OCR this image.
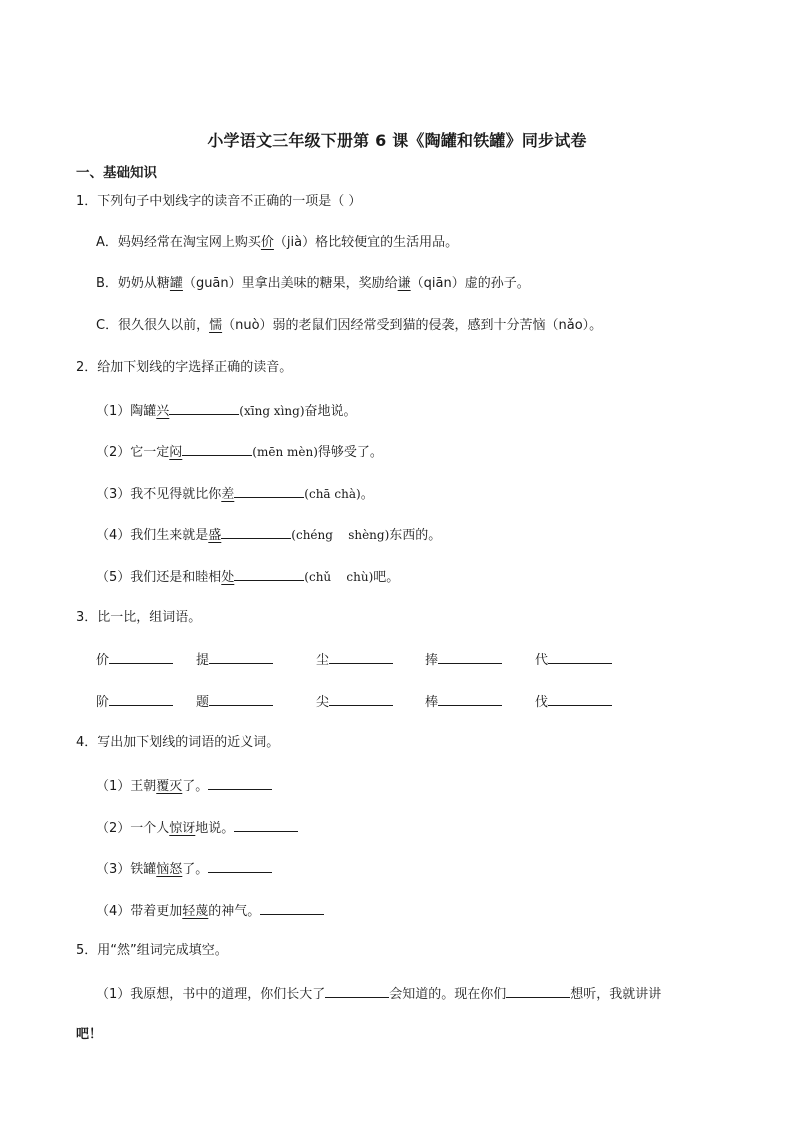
小学语文三年级下册第 6 课《陶罐和铁罐》同步试卷
一、基础知识
1．下列句子中划线字的读音不正确的一项是（ ）
A．妈妈经常在淘宝网上购买价（jià）格比较便宜的生活用品。
B．奶奶从糖罐（guān）里拿出美味的糖果，奖励给谦（qiān）虚的孙子。
C．很久很久以前，懦（nuò）弱的老鼠们因经常受到猫的侵袭，感到十分苦恼（nǎo）。
2．给加下划线的字选择正确的读音。
（1）陶罐兴	(xīng xìng)奋地说。
（2）它一定闷	(mēn mèn)得够受了。
（3）我不见得就比你差	(chā chà)。
（4）我们生来就是盛	(chéng    shèng)东西的。
（5）我们还是和睦相处	(chǔ    chù)吧。
3．比一比，组词语。
价	提	尘	捧	代
阶	题	尖	棒	伐
4．写出加下划线的词语的近义词。
（1）王朝覆灭了。
（2）一个人惊讶地说。
（3）铁罐恼怒了。
（4）带着更加轻蔑的神气。
5．用“然”组词完成填空。
（1）我原想，书中的道理，你们长大了	会知道的。现在你们	想听，我就讲讲
吧！
